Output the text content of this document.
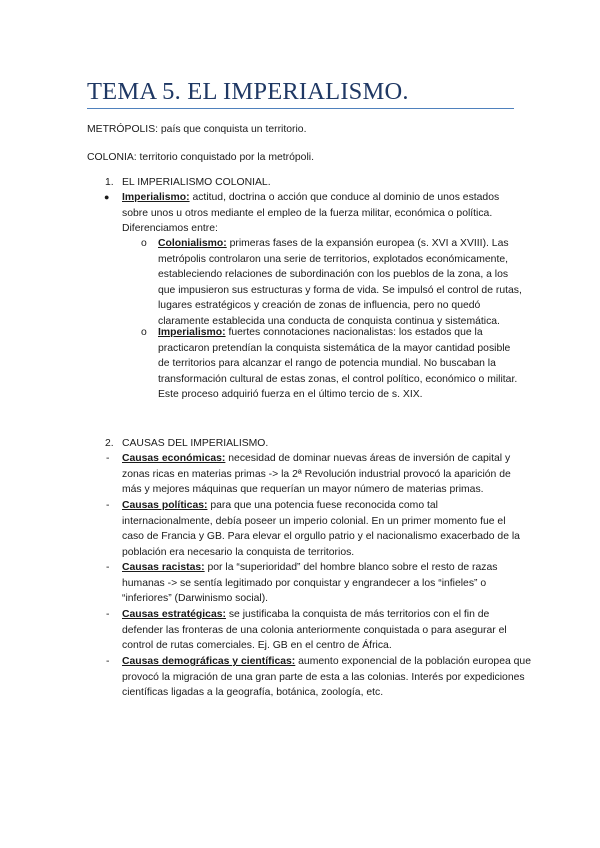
TEMA 5. EL IMPERIALISMO.
METRÓPOLIS: país que conquista un territorio.
COLONIA: territorio conquistado por la metrópoli.
1. EL IMPERIALISMO COLONIAL.
● Imperialismo: actitud, doctrina o acción que conduce al dominio de unos estados
sobre unos u otros mediante el empleo de la fuerza militar, económica o política.
Diferenciamos entre:
o Colonialismo: primeras fases de la expansión europea (s. XVI a XVIII). Las
metrópolis controlaron una serie de territorios, explotados económicamente,
estableciendo relaciones de subordinación con los pueblos de la zona, a los
que impusieron sus estructuras y forma de vida. Se impulsó el control de rutas,
lugares estratégicos y creación de zonas de influencia, pero no quedó
claramente establecida una conducta de conquista continua y sistemática.
o Imperialismo: fuertes connotaciones nacionalistas: los estados que la
practicaron pretendían la conquista sistemática de la mayor cantidad posible
de territorios para alcanzar el rango de potencia mundial. No buscaban la
transformación cultural de estas zonas, el control político, económico o militar.
Este proceso adquirió fuerza en el último tercio de s. XIX.
2. CAUSAS DEL IMPERIALISMO.
- Causas económicas: necesidad de dominar nuevas áreas de inversión de capital y
zonas ricas en materias primas -> la 2ª Revolución industrial provocó la aparición de
más y mejores máquinas que requerían un mayor número de materias primas.
- Causas políticas: para que una potencia fuese reconocida como tal
internacionalmente, debía poseer un imperio colonial. En un primer momento fue el
caso de Francia y GB. Para elevar el orgullo patrio y el nacionalismo exacerbado de la
población era necesario la conquista de territorios.
- Causas racistas: por la “superioridad” del hombre blanco sobre el resto de razas
humanas -> se sentía legitimado por conquistar y engrandecer a los “infieles” o
“inferiores” (Darwinismo social).
- Causas estratégicas: se justificaba la conquista de más territorios con el fin de
defender las fronteras de una colonia anteriormente conquistada o para asegurar el
control de rutas comerciales. Ej. GB en el centro de África.
- Causas demográficas y científicas: aumento exponencial de la población europea que
provocó la migración de una gran parte de esta a las colonias. Interés por expediciones
científicas ligadas a la geografía, botánica, zoología, etc.
